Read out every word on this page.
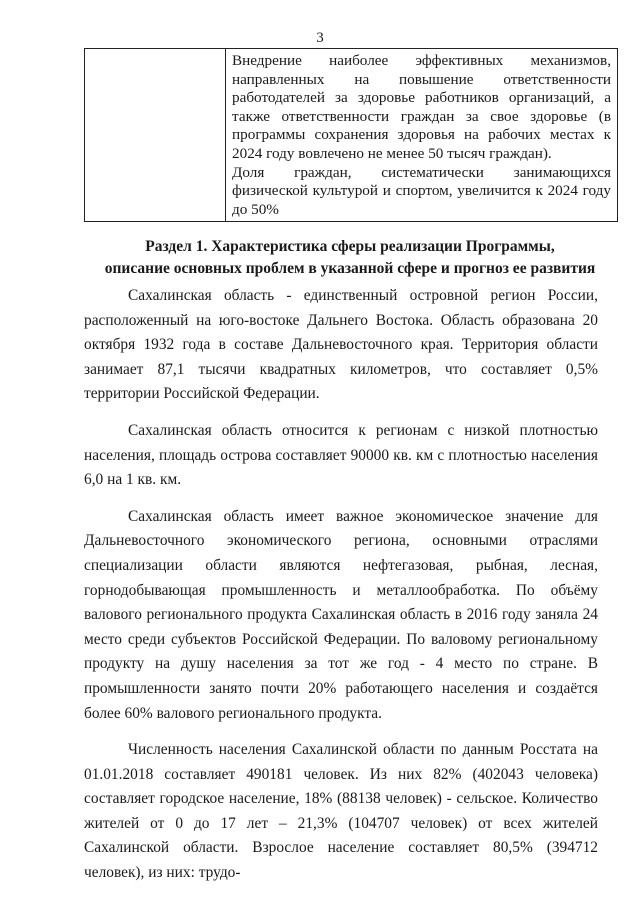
3

Внедрение наиболее эффективных механизмов, направленных на повышение ответственности работодателей за здоровье работников организаций, а также ответственности граждан за свое здоровье (в программы сохранения здоровья на рабочих местах к 2024 году вовлечено не менее 50 тысяч граждан).

Доля граждан, систематически занимающихся физической культурой и спортом, увеличится к 2024 году до 50%

Раздел 1. Характеристика сферы реализации Программы,
описание основных проблем в указанной сфере и прогноз ее развития

Сахалинская область - единственный островной регион России, расположенный на юго-востоке Дальнего Востока. Область образована 20 октября 1932 года в составе Дальневосточного края. Территория области занимает 87,1 тысячи квадратных километров, что составляет 0,5% территории Российской Федерации.

Сахалинская область относится к регионам с низкой плотностью населения, площадь острова составляет 90000 кв. км с плотностью населения 6,0 на 1 кв. км.

Сахалинская область имеет важное экономическое значение для Дальневосточного экономического региона, основными отраслями специализации области являются нефтегазовая, рыбная, лесная, горнодобывающая промышленность и металлообработка. По объёму валового регионального продукта Сахалинская область в 2016 году заняла 24 место среди субъектов Российской Федерации. По валовому региональному продукту на душу населения за тот же год - 4 место по стране. В промышленности занято почти 20% работающего населения и создаётся более 60% валового регионального продукта.

Численность населения Сахалинской области по данным Росстата на 01.01.2018 составляет 490181 человек. Из них 82% (402043 человека) составляет городское население, 18% (88138 человек) - сельское. Количество жителей от 0 до 17 лет – 21,3% (104707 человек) от всех жителей Сахалинской области. Взрослое население составляет 80,5% (394712 человек), из них: трудо-
